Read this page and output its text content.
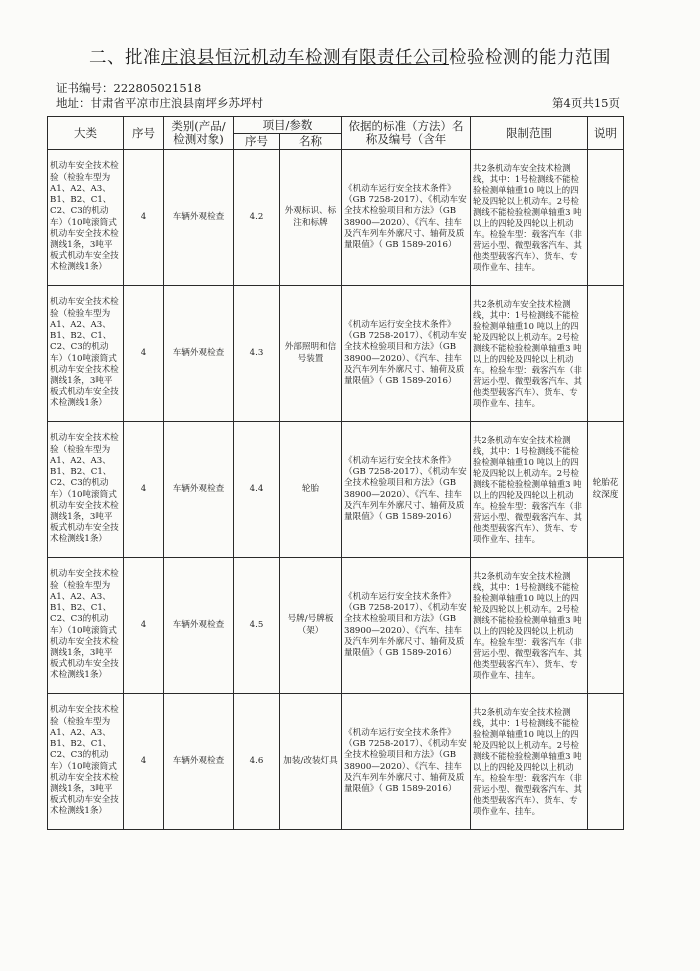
二、批准庄浪县恒沅机动车检测有限责任公司检验检测的能力范围
证书编号：222805021518
地址：甘肃省平凉市庄浪县南坪乡苏坪村	第4页共15页
大类	序号	类别(产品/检测对象)	项目/参数		依据的标准（方法）名称及编号（含年	限制范围	说明
			序号	名称			
机动车安全技术检验（检验车型为A1、A2、A3、B1、B2、C1、C2、C3的机动车）（10吨滚筒式机动车安全技术检测线1条，3吨平板式机动车安全技术检测线1条）	4	车辆外观检查	4.2	外观标识、标注和标牌	《机动车运行安全技术条件》（GB 7258-2017）、《机动车安全技术检验项目和方法》（GB 38900—2020）、《汽车、挂车及汽车列车外廓尺寸、轴荷及质量限值》（ GB 1589-2016）	共2条机动车安全技术检测线，其中：1号检测线不能检验检测单轴重10 吨以上的四轮及四轮以上机动车。2号检测线不能检验检测单轴重3 吨以上的四轮及四轮以上机动车。检验车型：载客汽车（非营运小型、微型载客汽车、其他类型载客汽车）、货车、专项作业车、挂车。	
机动车安全技术检验（检验车型为A1、A2、A3、B1、B2、C1、C2、C3的机动车）（10吨滚筒式机动车安全技术检测线1条，3吨平板式机动车安全技术检测线1条）	4	车辆外观检查	4.3	外部照明和信号装置	《机动车运行安全技术条件》（GB 7258-2017）、《机动车安全技术检验项目和方法》（GB 38900—2020）、《汽车、挂车及汽车列车外廓尺寸、轴荷及质量限值》（ GB 1589-2016）	共2条机动车安全技术检测线，其中：1号检测线不能检验检测单轴重10 吨以上的四轮及四轮以上机动车。2号检测线不能检验检测单轴重3 吨以上的四轮及四轮以上机动车。检验车型：载客汽车（非营运小型、微型载客汽车、其他类型载客汽车）、货车、专项作业车、挂车。	
机动车安全技术检验（检验车型为A1、A2、A3、B1、B2、C1、C2、C3的机动车）（10吨滚筒式机动车安全技术检测线1条，3吨平板式机动车安全技术检测线1条）	4	车辆外观检查	4.4	轮胎	《机动车运行安全技术条件》（GB 7258-2017）、《机动车安全技术检验项目和方法》（GB 38900—2020）、《汽车、挂车及汽车列车外廓尺寸、轴荷及质量限值》（ GB 1589-2016）	共2条机动车安全技术检测线，其中：1号检测线不能检验检测单轴重10 吨以上的四轮及四轮以上机动车。2号检测线不能检验检测单轴重3 吨以上的四轮及四轮以上机动车。检验车型：载客汽车（非营运小型、微型载客汽车、其他类型载客汽车）、货车、专项作业车、挂车。	轮胎花纹深度
机动车安全技术检验（检验车型为A1、A2、A3、B1、B2、C1、C2、C3的机动车）（10吨滚筒式机动车安全技术检测线1条，3吨平板式机动车安全技术检测线1条）	4	车辆外观检查	4.5	号牌/号牌板（架）	《机动车运行安全技术条件》（GB 7258-2017）、《机动车安全技术检验项目和方法》（GB 38900—2020）、《汽车、挂车及汽车列车外廓尺寸、轴荷及质量限值》（ GB 1589-2016）	共2条机动车安全技术检测线，其中：1号检测线不能检验检测单轴重10 吨以上的四轮及四轮以上机动车。2号检测线不能检验检测单轴重3 吨以上的四轮及四轮以上机动车。检验车型：载客汽车（非营运小型、微型载客汽车、其他类型载客汽车）、货车、专项作业车、挂车。	
机动车安全技术检验（检验车型为A1、A2、A3、B1、B2、C1、C2、C3的机动车）（10吨滚筒式机动车安全技术检测线1条，3吨平板式机动车安全技术检测线1条）	4	车辆外观检查	4.6	加装/改装灯具	《机动车运行安全技术条件》（GB 7258-2017）、《机动车安全技术检验项目和方法》（GB 38900—2020）、《汽车、挂车及汽车列车外廓尺寸、轴荷及质量限值》（ GB 1589-2016）	共2条机动车安全技术检测线，其中：1号检测线不能检验检测单轴重10 吨以上的四轮及四轮以上机动车。2号检测线不能检验检测单轴重3 吨以上的四轮及四轮以上机动车。检验车型：载客汽车（非营运小型、微型载客汽车、其他类型载客汽车）、货车、专项作业车、挂车。	
